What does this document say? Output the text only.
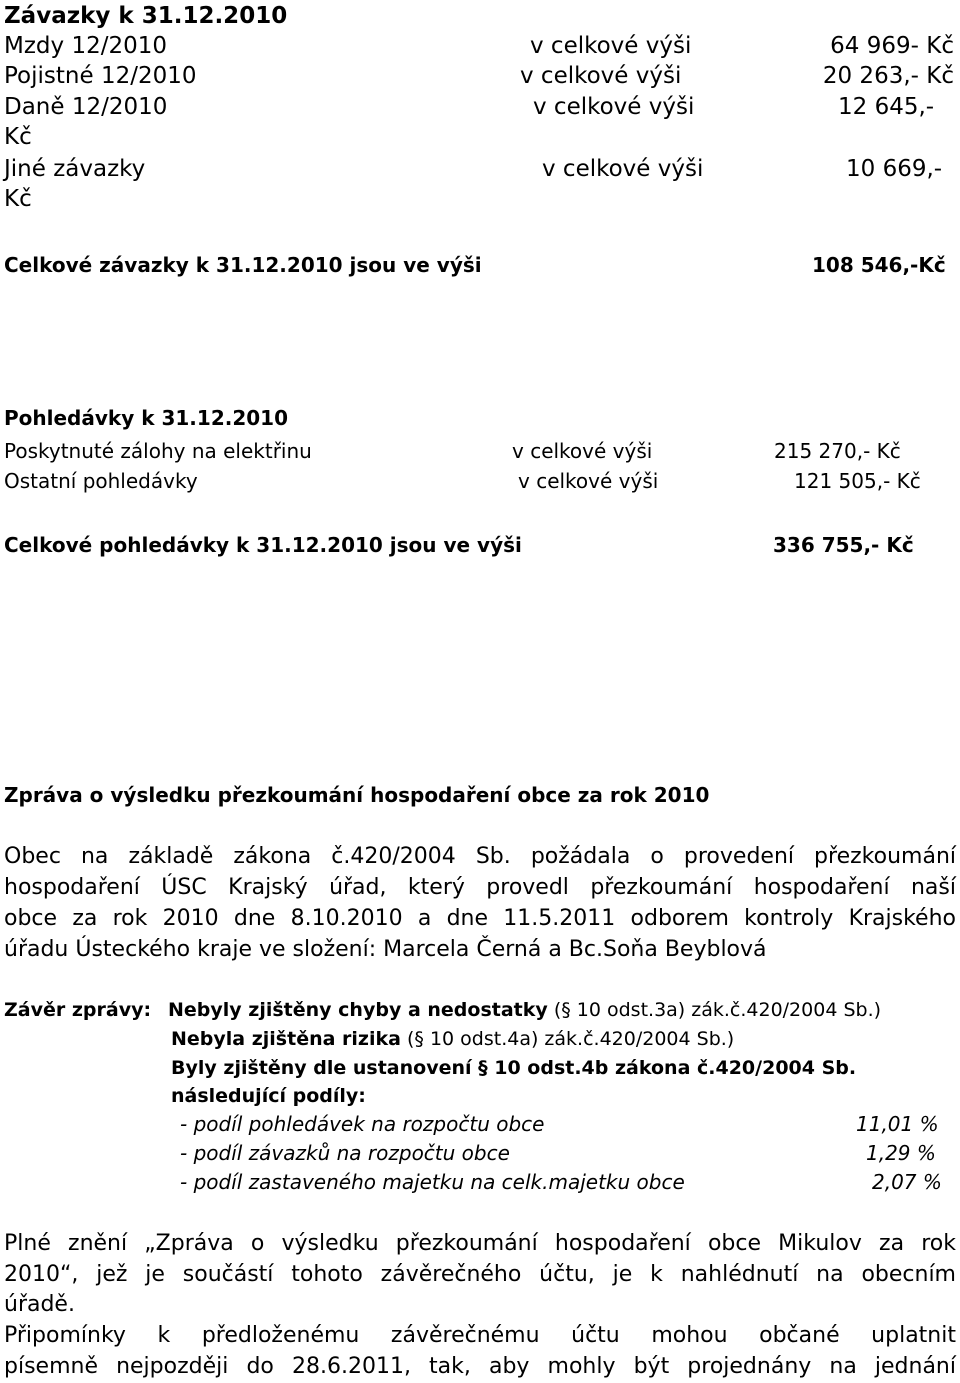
Závazky k 31.12.2010
Mzdy 12/2010	v celkové výši	64 969- Kč
Pojistné 12/2010	v celkové výši	20 263,- Kč
Daně 12/2010	v celkové výši	12 645,-
Kč
Jiné závazky	v celkové výši	10 669,-
Kč
Celkové závazky k 31.12.2010 jsou ve výši	108 546,-Kč
Pohledávky k 31.12.2010
Poskytnuté zálohy na elektřinu	v celkové výši	215 270,- Kč
Ostatní pohledávky	v celkové výši	121 505,- Kč
Celkové pohledávky k 31.12.2010 jsou ve výši	336 755,- Kč
Zpráva o výsledku přezkoumání hospodaření obce za rok 2010
Obec na základě zákona č.420/2004 Sb. požádala o provedení přezkoumání
hospodaření ÚSC Krajský úřad, který provedl přezkoumání hospodaření naší
obce za rok 2010 dne 8.10.2010 a dne 11.5.2011 odborem kontroly Krajského
úřadu Ústeckého kraje ve složení: Marcela Černá a Bc.Soňa Beyblová
Závěr zprávy: Nebyly zjištěny chyby a nedostatky (§ 10 odst.3a) zák.č.420/2004 Sb.)
Nebyla zjištěna rizika (§ 10 odst.4a) zák.č.420/2004 Sb.)
Byly zjištěny dle ustanovení § 10 odst.4b zákona č.420/2004 Sb.
následující podíly:
- podíl pohledávek na rozpočtu obce	11,01 %
- podíl závazků na rozpočtu obce	1,29 %
- podíl zastaveného majetku na celk.majetku obce	2,07 %
Plné znění „Zpráva o výsledku přezkoumání hospodaření obce Mikulov za rok
2010“, jež je součástí tohoto závěrečného účtu, je k nahlédnutí na obecním
úřadě.
Připomínky k předloženému závěrečnému účtu mohou občané uplatnit
písemně nejpozději do 28.6.2011, tak, aby mohly být projednány na jednání
